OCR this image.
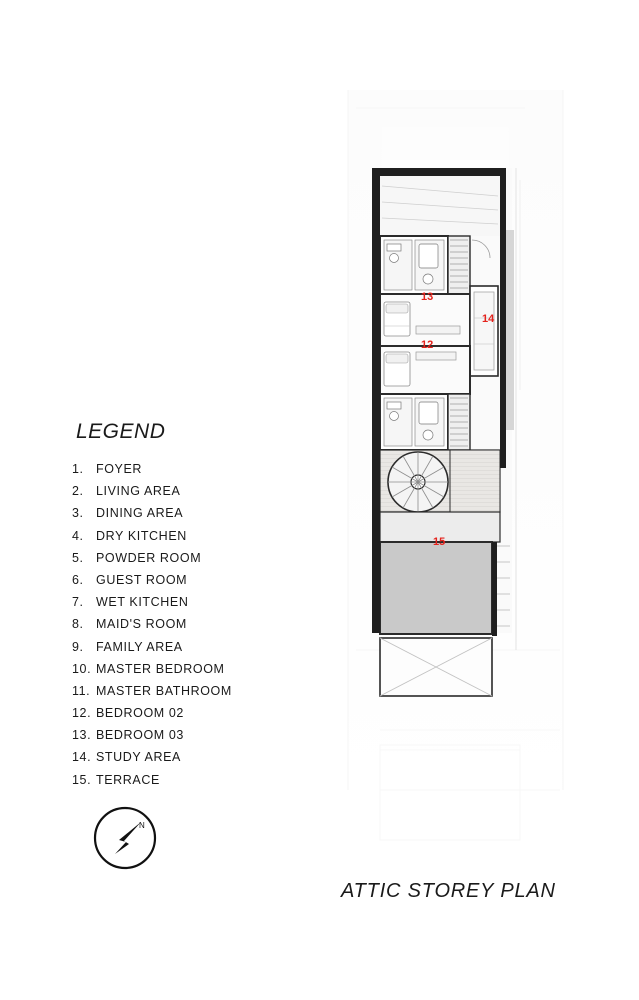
LEGEND
1. FOYER
2. LIVING AREA
3. DINING AREA
4. DRY KITCHEN
5. POWDER ROOM
6. GUEST ROOM
7. WET KITCHEN
8. MAID'S ROOM
9. FAMILY AREA
10. MASTER BEDROOM
11. MASTER BATHROOM
12. BEDROOM 02
13. BEDROOM 03
14. STUDY AREA
15. TERRACE
N
ATTIC STOREY PLAN
13
14
12
15
